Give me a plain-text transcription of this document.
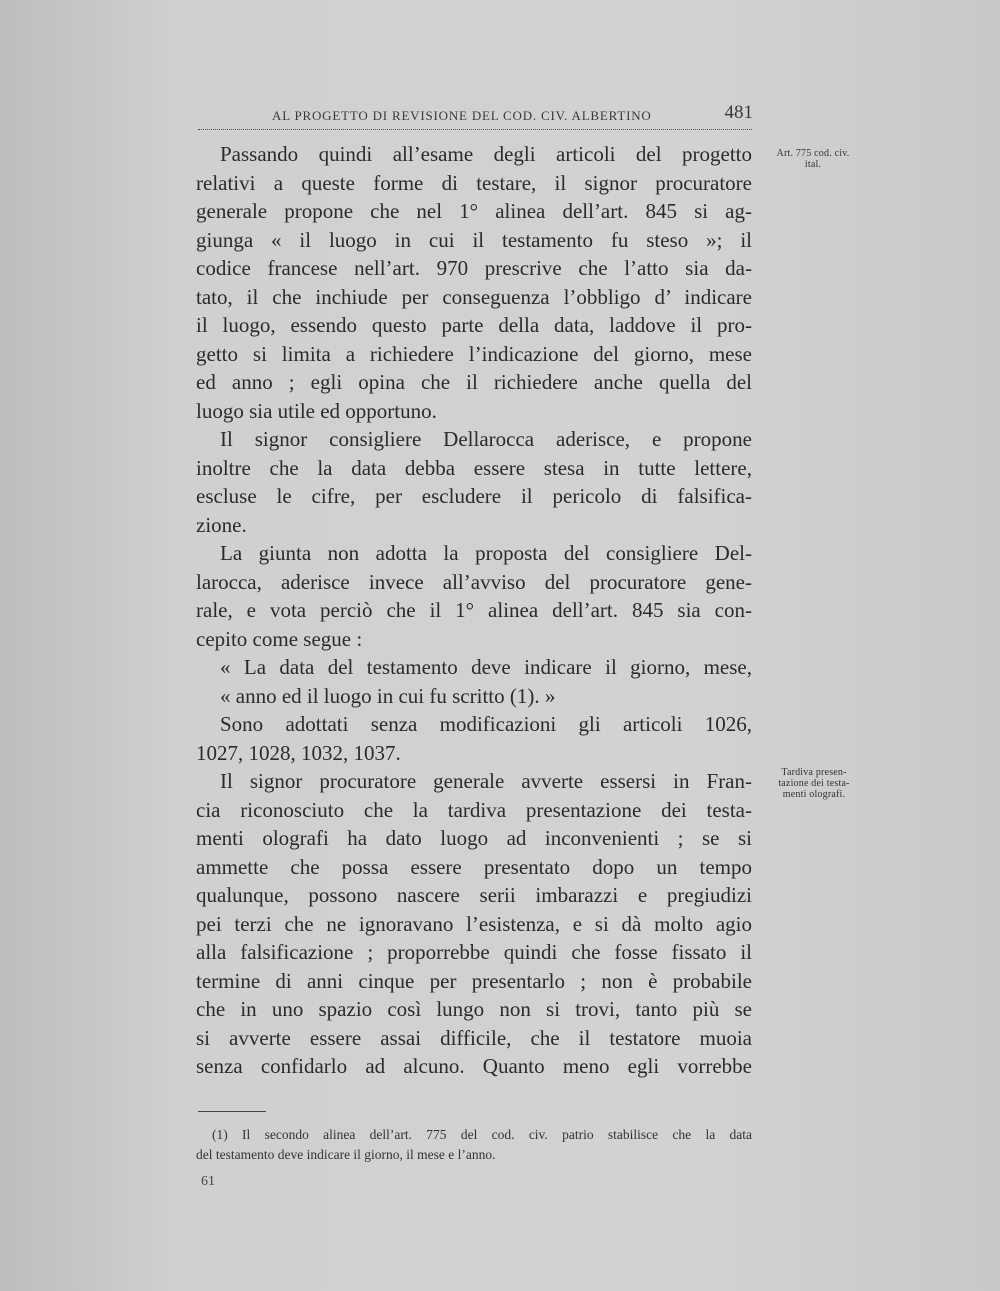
AL PROGETTO DI REVISIONE DEL COD. CIV. ALBERTINO	481
Art. 775 cod. civ.
ital.
Tardiva presen-
tazione dei testa-
menti olografi.
Passando quindi all’esame degli articoli del progetto
relativi a queste forme di testare, il signor procuratore
generale propone che nel 1° alinea dell’art. 845 si ag-
giunga « il luogo in cui il testamento fu steso »; il
codice francese nell’art. 970 prescrive che l’atto sia da-
tato, il che inchiude per conseguenza l’obbligo d’ indicare
il luogo, essendo questo parte della data, laddove il pro-
getto si limita a richiedere l’indicazione del giorno, mese
ed anno ; egli opina che il richiedere anche quella del
luogo sia utile ed opportuno.
Il signor consigliere Dellarocca aderisce, e propone
inoltre che la data debba essere stesa in tutte lettere,
escluse le cifre, per escludere il pericolo di falsifica-
zione.
La giunta non adotta la proposta del consigliere Del-
larocca, aderisce invece all’avviso del procuratore gene-
rale, e vota perciò che il 1° alinea dell’art. 845 sia con-
cepito come segue :
« La data del testamento deve indicare il giorno, mese,
« anno ed il luogo in cui fu scritto (1). »
Sono adottati senza modificazioni gli articoli 1026,
1027, 1028, 1032, 1037.
Il signor procuratore generale avverte essersi in Fran-
cia riconosciuto che la tardiva presentazione dei testa-
menti olografi ha dato luogo ad inconvenienti ; se si
ammette che possa essere presentato dopo un tempo
qualunque, possono nascere serii imbarazzi e pregiudizi
pei terzi che ne ignoravano l’esistenza, e si dà molto agio
alla falsificazione ; proporrebbe quindi che fosse fissato il
termine di anni cinque per presentarlo ; non è probabile
che in uno spazio così lungo non si trovi, tanto più se
si avverte essere assai difficile, che il testatore muoia
senza confidarlo ad alcuno. Quanto meno egli vorrebbe
(1) Il secondo alinea dell’art. 775 del cod. civ. patrio stabilisce che la data
del testamento deve indicare il giorno, il mese e l’anno.
61
